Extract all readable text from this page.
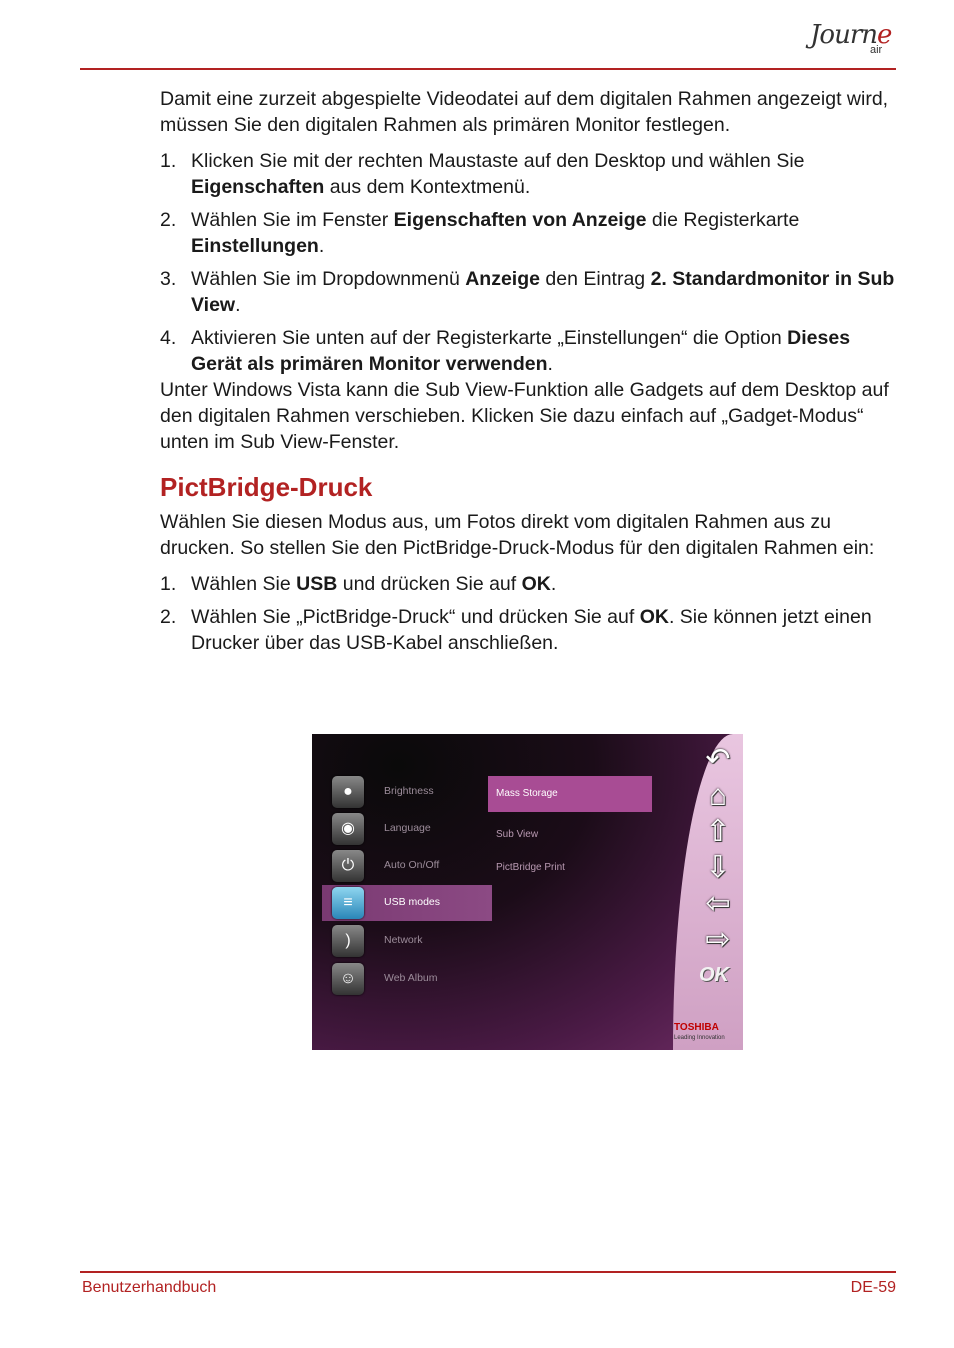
Journe
air

Damit eine zurzeit abgespielte Videodatei auf dem digitalen Rahmen angezeigt wird, müssen Sie den digitalen Rahmen als primären Monitor festlegen.

1. Klicken Sie mit der rechten Maustaste auf den Desktop und wählen Sie Eigenschaften aus dem Kontextmenü.
2. Wählen Sie im Fenster Eigenschaften von Anzeige die Registerkarte Einstellungen.
3. Wählen Sie im Dropdownmenü Anzeige den Eintrag 2. Standardmonitor in Sub View.
4. Aktivieren Sie unten auf der Registerkarte „Einstellungen“ die Option Dieses Gerät als primären Monitor verwenden.

Unter Windows Vista kann die Sub View-Funktion alle Gadgets auf dem Desktop auf den digitalen Rahmen verschieben. Klicken Sie dazu einfach auf „Gadget-Modus“ unten im Sub View-Fenster.

PictBridge-Druck

Wählen Sie diesen Modus aus, um Fotos direkt vom digitalen Rahmen aus zu drucken. So stellen Sie den PictBridge-Druck-Modus für den digitalen Rahmen ein:

1. Wählen Sie USB und drücken Sie auf OK.
2. Wählen Sie „PictBridge-Druck“ und drücken Sie auf OK. Sie können jetzt einen Drucker über das USB-Kabel anschließen.
●	Brightness
◉	Language
⏻	Auto On/Off
≡	USB modes
)	Network
☺	Web Album
Mass Storage
Sub View
PictBridge Print
↶
⌂
⇧
⇩
⇦
⇨
OK
TOSHIBA
Leading Innovation
Benutzerhandbuch	DE-59
